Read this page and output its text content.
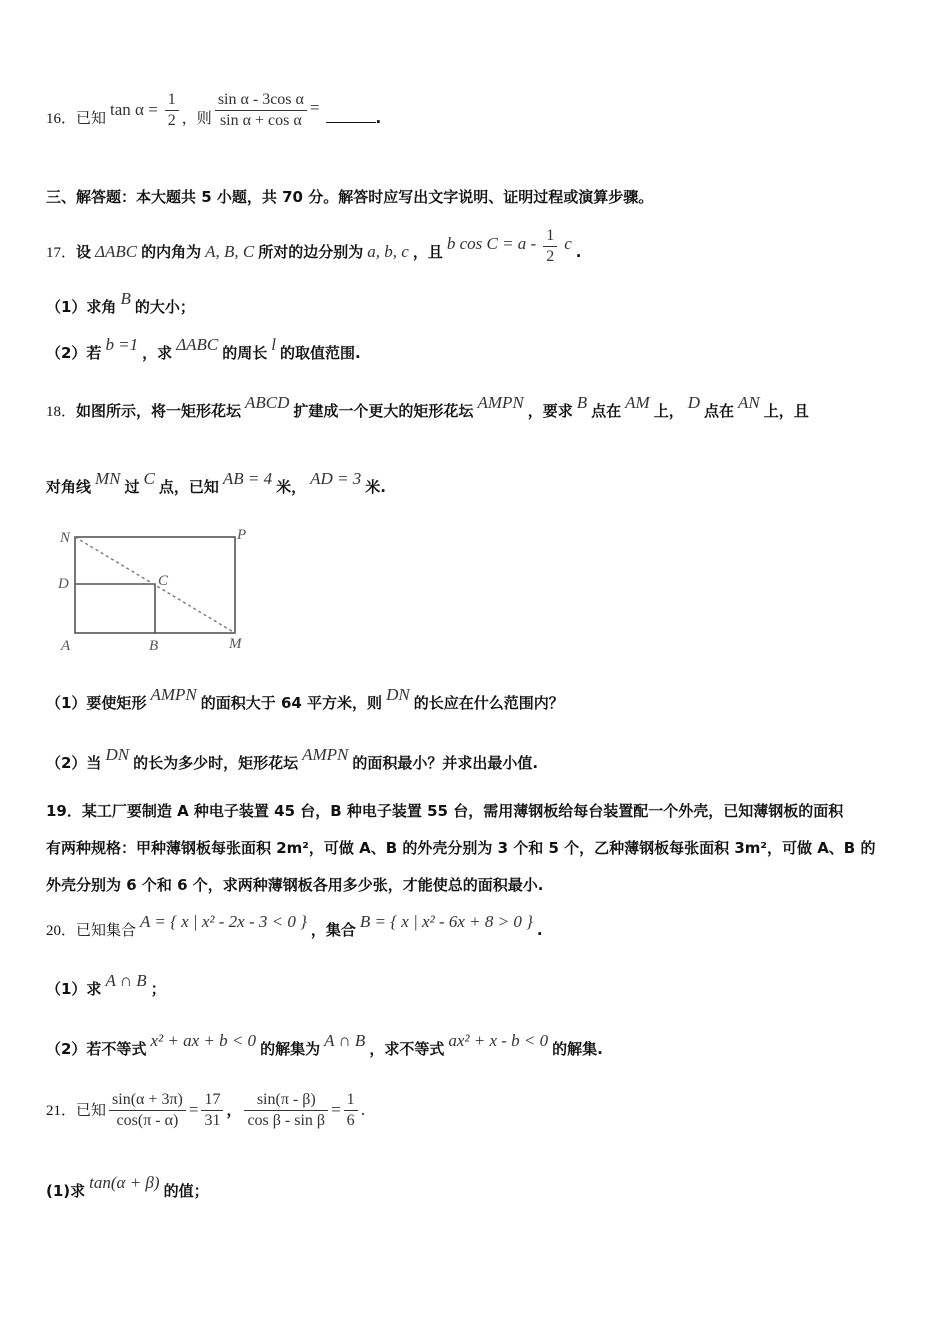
16．已知 $\tan \alpha = \frac{1}{2}$ ，则 $\frac{\text{sin α - 3cos α}}{\text{sin α + cos α}}$ =.
三、解答题：本大题共 5 小题，共 70 分。解答时应写出文字说明、证明过程或演算步骤。
17．设 ΔABC 的内角为 A, B, C 所对的边分别为 a, b, c ，且 b $\cos C = a - \frac{1}{2}$ c .
（1）求角 B 的大小；
（2）若 b =1 ，求 ΔABC 的周长 l 的取值范围.
18．如图所示，将一矩形花坛 ABCD 扩建成一个更大的矩形花坛 AMPN ，要求 B 点在 AM 上， D 点在 AN 上，且
对角线 MN 过 C 点，已知 AB = 4 米， AD = 3 米.
N	P
D	C
A	B	M
（1）要使矩形 AMPN 的面积大于 64 平方米，则 DN 的长应在什么范围内？
（2）当 DN 的长为多少时，矩形花坛 AMPN 的面积最小？并求出最小值.
19．某工厂要制造 A 种电子装置 45 台，B 种电子装置 55 台，需用薄钢板给每台装置配一个外壳，已知薄钢板的面积
有两种规格：甲种薄钢板每张面积 2m²，可做 A、B 的外壳分别为 3 个和 5 个，乙种薄钢板每张面积 3m²，可做 A、B 的
外壳分别为 6 个和 6 个，求两种薄钢板各用多少张，才能使总的面积最小.
20．已知集合 A = { x | x² - 2x - 3 < 0 } ，集合 B = { x | x² - 6x + 8 > 0 } .
（1）求 A ∩ B ；
（2）若不等式 x² + ax + b < 0 的解集为 A ∩ B ，求不等式 ax² + x - b < 0 的解集.
21．已知 $\frac{\sin(\alpha + 3\pi)}{\cos(\pi - \alpha)} = \frac{17}{31}$ ， $\frac{\sin(\pi - \beta)}{\text{cos β - sin β}} = \frac{1}{6}$ .
(1)求 tan(α + β) 的值；
